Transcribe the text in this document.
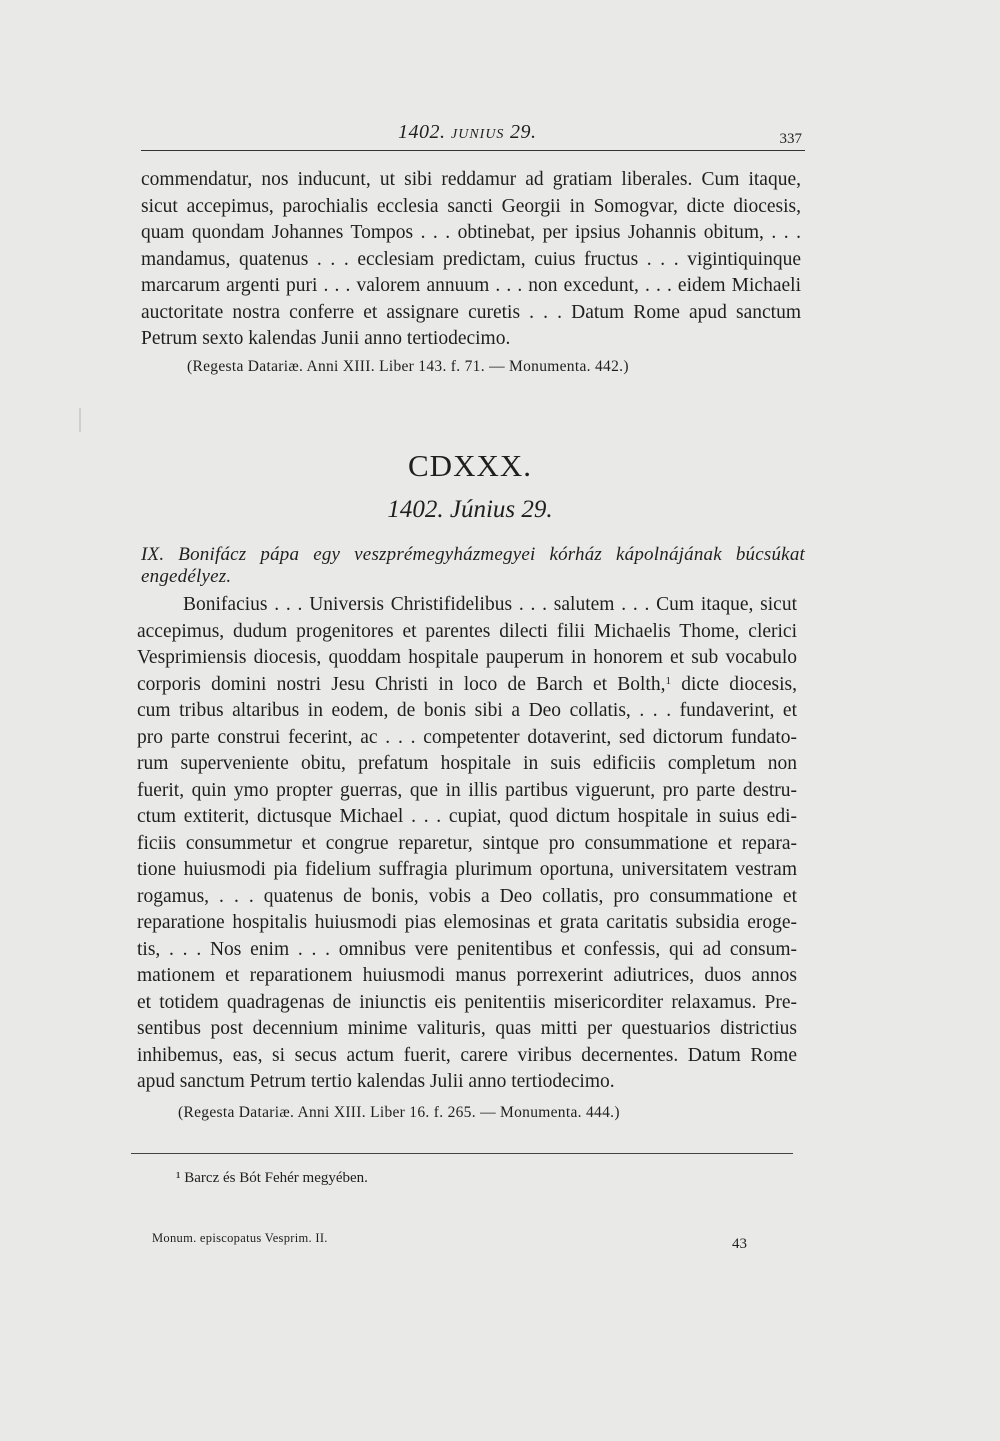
1402. JUNIUS 29.	337
commendatur, nos inducunt, ut sibi reddamur ad gratiam liberales. Cum itaque,
sicut accepimus, parochialis ecclesia sancti Georgii in Somogvar, dicte diocesis,
quam quondam Johannes Tompos . . . obtinebat, per ipsius Johannis obitum, . . .
mandamus, quatenus . . . ecclesiam predictam, cuius fructus . . . vigintiquinque
marcarum argenti puri . . . valorem annuum . . . non excedunt, . . . eidem Michaeli
auctoritate nostra conferre et assignare curetis . . . Datum Rome apud sanctum
Petrum sexto kalendas Junii anno tertiodecimo.
(Regesta Datariæ. Anni XIII. Liber 143. f. 71. — Monumenta. 442.)
CDXXX.
1402. Június 29.
IX. Bonifácz pápa egy veszprémegyházmegyei kórház kápolnájának búcsúkat engedélyez.
Bonifacius . . . Universis Christifidelibus . . . salutem . . . Cum itaque, sicut
accepimus, dudum progenitores et parentes dilecti filii Michaelis Thome, clerici
Vesprimiensis diocesis, quoddam hospitale pauperum in honorem et sub vocabulo
corporis domini nostri Jesu Christi in loco de Barch et Bolth,$^1$ dicte diocesis,
cum tribus altaribus in eodem, de bonis sibi a Deo collatis, . . . fundaverint, et
pro parte construi fecerint, ac . . . competenter dotaverint, sed dictorum fundato-
rum superveniente obitu, prefatum hospitale in suis edificiis completum non
fuerit, quin ymo propter guerras, que in illis partibus viguerunt, pro parte destru-
ctum extiterit, dictusque Michael . . . cupiat, quod dictum hospitale in suius edi-
ficiis consummetur et congrue reparetur, sintque pro consummatione et repara-
tione huiusmodi pia fidelium suffragia plurimum oportuna, universitatem vestram
rogamus, . . . quatenus de bonis, vobis a Deo collatis, pro consummatione et
reparatione hospitalis huiusmodi pias elemosinas et grata caritatis subsidia eroge-
tis, . . . Nos enim . . . omnibus vere penitentibus et confessis, qui ad consum-
mationem et reparationem huiusmodi manus porrexerint adiutrices, duos annos
et totidem quadragenas de iniunctis eis penitentiis misericorditer relaxamus. Pre-
sentibus post decennium minime valituris, quas mitti per questuarios districtius
inhibemus, eas, si secus actum fuerit, carere viribus decernentes. Datum Rome
apud sanctum Petrum tertio kalendas Julii anno tertiodecimo.
(Regesta Datariæ. Anni XIII. Liber 16. f. 265. — Monumenta. 444.)
¹ Barcz és Bót Fehér megyében.
Monum. episcopatus Vesprim. II.	43
